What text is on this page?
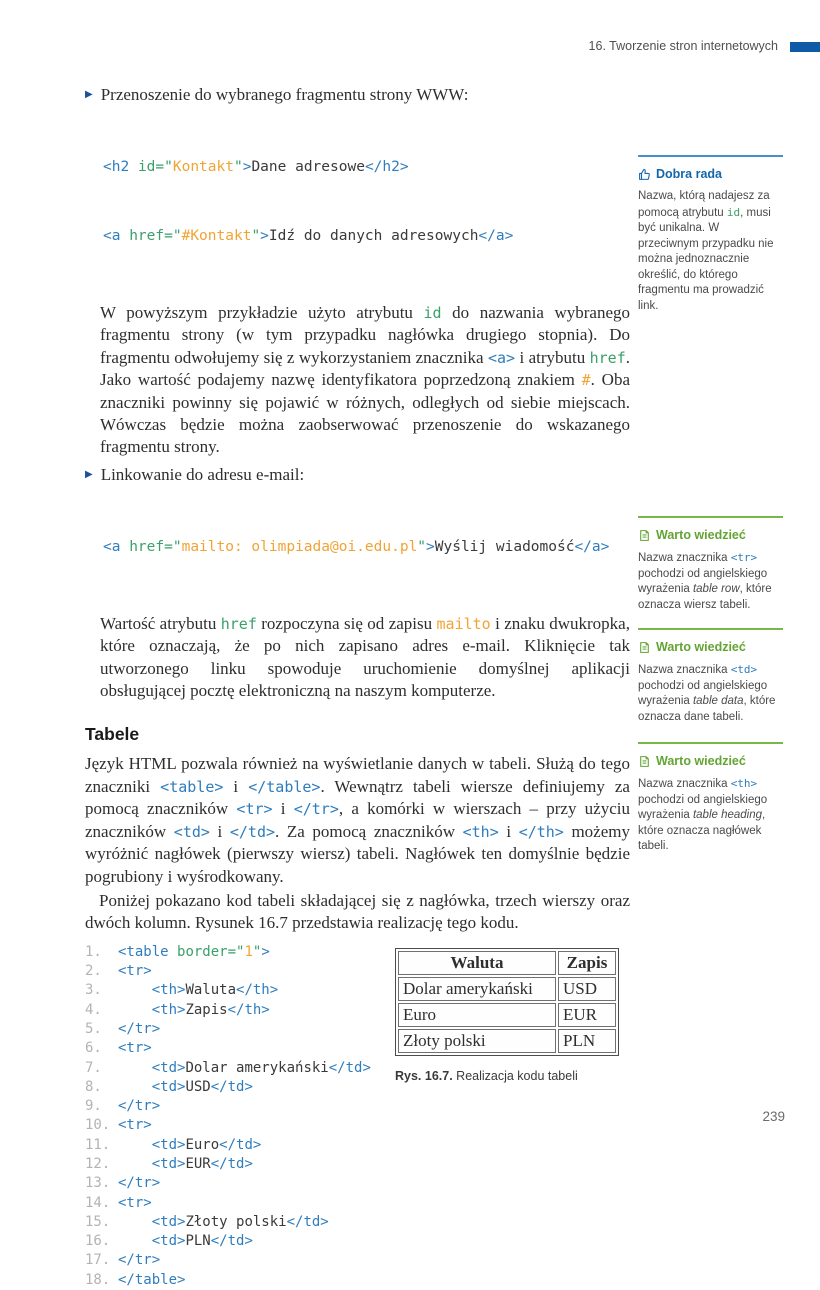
16. Tworzenie stron internetowych
▶ Przenoszenie do wybranego fragmentu strony WWW:

<h2 id="Kontakt">Dane adresowe</h2>

<a href="#Kontakt">Idź do danych adresowych</a>

W powyższym przykładzie użyto atrybutu id do nazwania wybranego fragmentu strony (w tym przypadku nagłówka drugiego stopnia). Do fragmentu odwołujemy się z wykorzystaniem znacznika <a> i atrybutu href. Jako wartość podajemy nazwę identyfikatora poprzedzoną znakiem #. Oba znaczniki powinny się pojawić w różnych, odległych od siebie miejscach. Wówczas będzie można zaobserwować przenoszenie do wskazanego fragmentu strony.

▶ Linkowanie do adresu e-mail:

<a href="mailto: olimpiada@oi.edu.pl">Wyślij wiadomość</a>

Wartość atrybutu href rozpoczyna się od zapisu mailto i znaku dwukropka, które oznaczają, że po nich zapisano adres e-mail. Kliknięcie tak utworzonego linku spowoduje uruchomienie domyślnej aplikacji obsługującej pocztę elektroniczną na naszym komputerze.

Tabele

Język HTML pozwala również na wyświetlanie danych w tabeli. Służą do tego znaczniki <table> i </table>. Wewnątrz tabeli wiersze definiujemy za pomocą znaczników <tr> i </tr>, a komórki w wierszach – przy użyciu znaczników <td> i </td>. Za pomocą znaczników <th> i </th> możemy wyróżnić nagłówek (pierwszy wiersz) tabeli. Nagłówek ten domyślnie będzie pogrubiony i wyśrodkowany.

Poniżej pokazano kod tabeli składającej się z nagłówka, trzech wierszy oraz dwóch kolumn. Rysunek 16.7 przedstawia realizację tego kodu.

1.	<table border="1">
2.	<tr>
3.	<th>Waluta</th>
4.	<th>Zapis</th>
5.	</tr>
6.	<tr>
7.	<td>Dolar amerykański</td>
8.	<td>USD</td>
9.	</tr>
10. <tr>
11.	<td>Euro</td>
12.	<td>EUR</td>
13. </tr>
14. <tr>
15.	<td>Złoty polski</td>
16.	<td>PLN</td>
17. </tr>
18. </table>
Waluta	Zapis
Dolar amerykański	USD
Euro	EUR
Złoty polski	PLN
Rys. 16.7. Realizacja kodu tabeli
Dobra rada
Nazwa, którą nadajesz za pomocą atrybutu id, musi być unikalna. W przeciwnym przypadku nie można jednoznacznie określić, do którego fragmentu ma prowadzić link.
Warto wiedzieć
Nazwa znacznika <tr> pochodzi od angielskiego wyrażenia table row, które oznacza wiersz tabeli.
Warto wiedzieć
Nazwa znacznika <td> pochodzi od angielskiego wyrażenia table data, które oznacza dane tabeli.
Warto wiedzieć
Nazwa znacznika <th> pochodzi od angielskiego wyrażenia table heading, które oznacza nagłówek tabeli.
239
